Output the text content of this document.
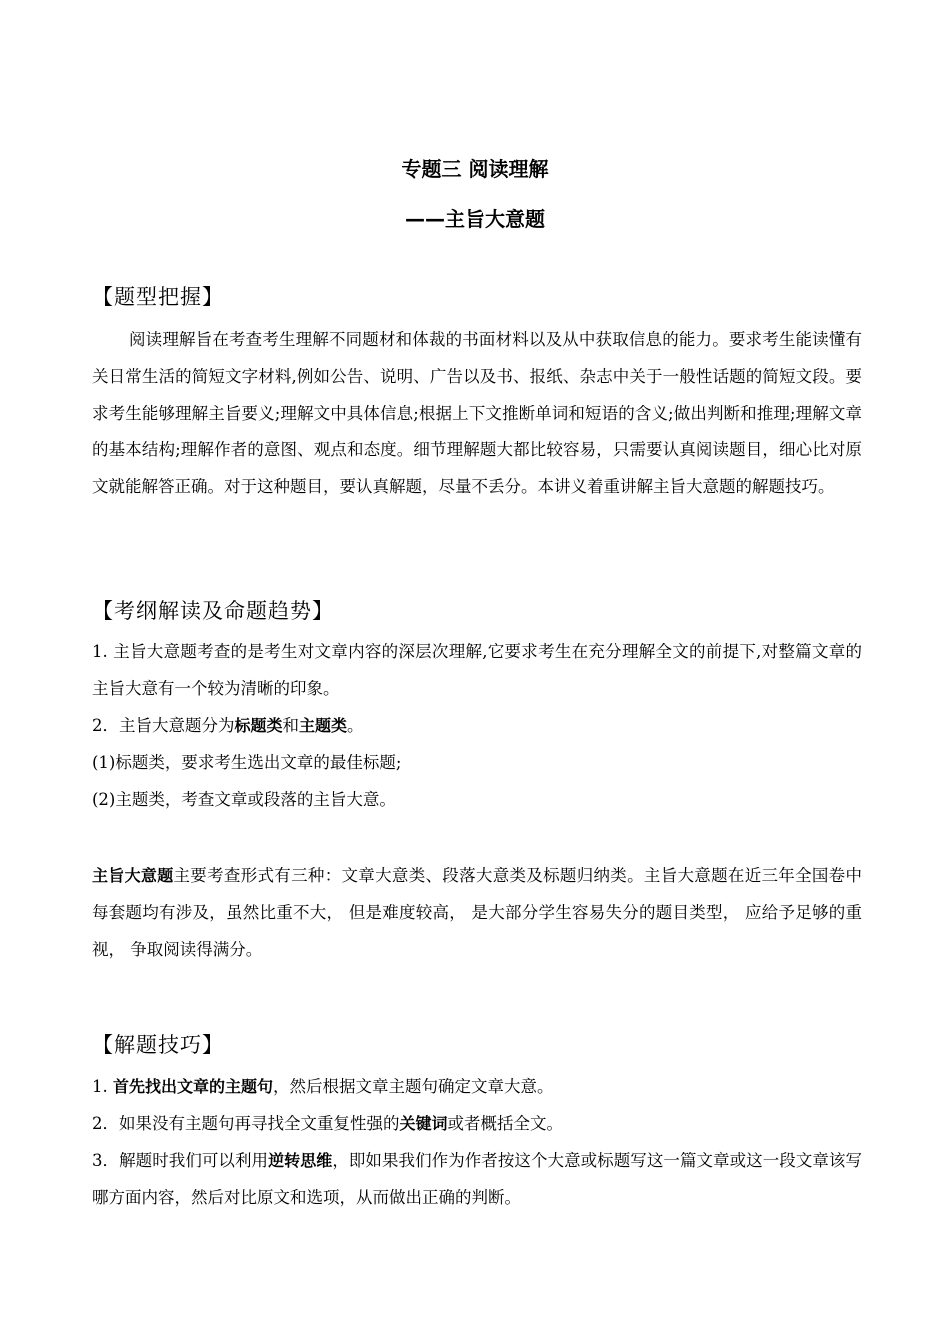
专题三 阅读理解
——主旨大意题
【题型把握】
阅读理解旨在考查考生理解不同题材和体裁的书面材料以及从中获取信息的能力。要求考生能读懂有关日常生活的简短文字材料,例如公告、说明、广告以及书、报纸、杂志中关于一般性话题的简短文段。要求考生能够理解主旨要义;理解文中具体信息;根据上下文推断单词和短语的含义;做出判断和推理;理解文章的基本结构;理解作者的意图、观点和态度。细节理解题大都比较容易，只需要认真阅读题目，细心比对原文就能解答正确。对于这种题目，要认真解题，尽量不丢分。本讲义着重讲解主旨大意题的解题技巧。
【考纲解读及命题趋势】
1. 主旨大意题考查的是考生对文章内容的深层次理解,它要求考生在充分理解全文的前提下,对整篇文章的主旨大意有一个较为清晰的印象。
2．主旨大意题分为标题类和主题类。
(1)标题类，要求考生选出文章的最佳标题;
(2)主题类，考查文章或段落的主旨大意。
主旨大意题主要考查形式有三种：文章大意类、段落大意类及标题归纳类。主旨大意题在近三年全国卷中每套题均有涉及，虽然比重不大， 但是难度较高， 是大部分学生容易失分的题目类型， 应给予足够的重视， 争取阅读得满分。
【解题技巧】
1. 首先找出文章的主题句，然后根据文章主题句确定文章大意。
2．如果没有主题句再寻找全文重复性强的关键词或者概括全文。
3．解题时我们可以利用逆转思维，即如果我们作为作者按这个大意或标题写这一篇文章或这一段文章该写哪方面内容，然后对比原文和选项，从而做出正确的判断。
